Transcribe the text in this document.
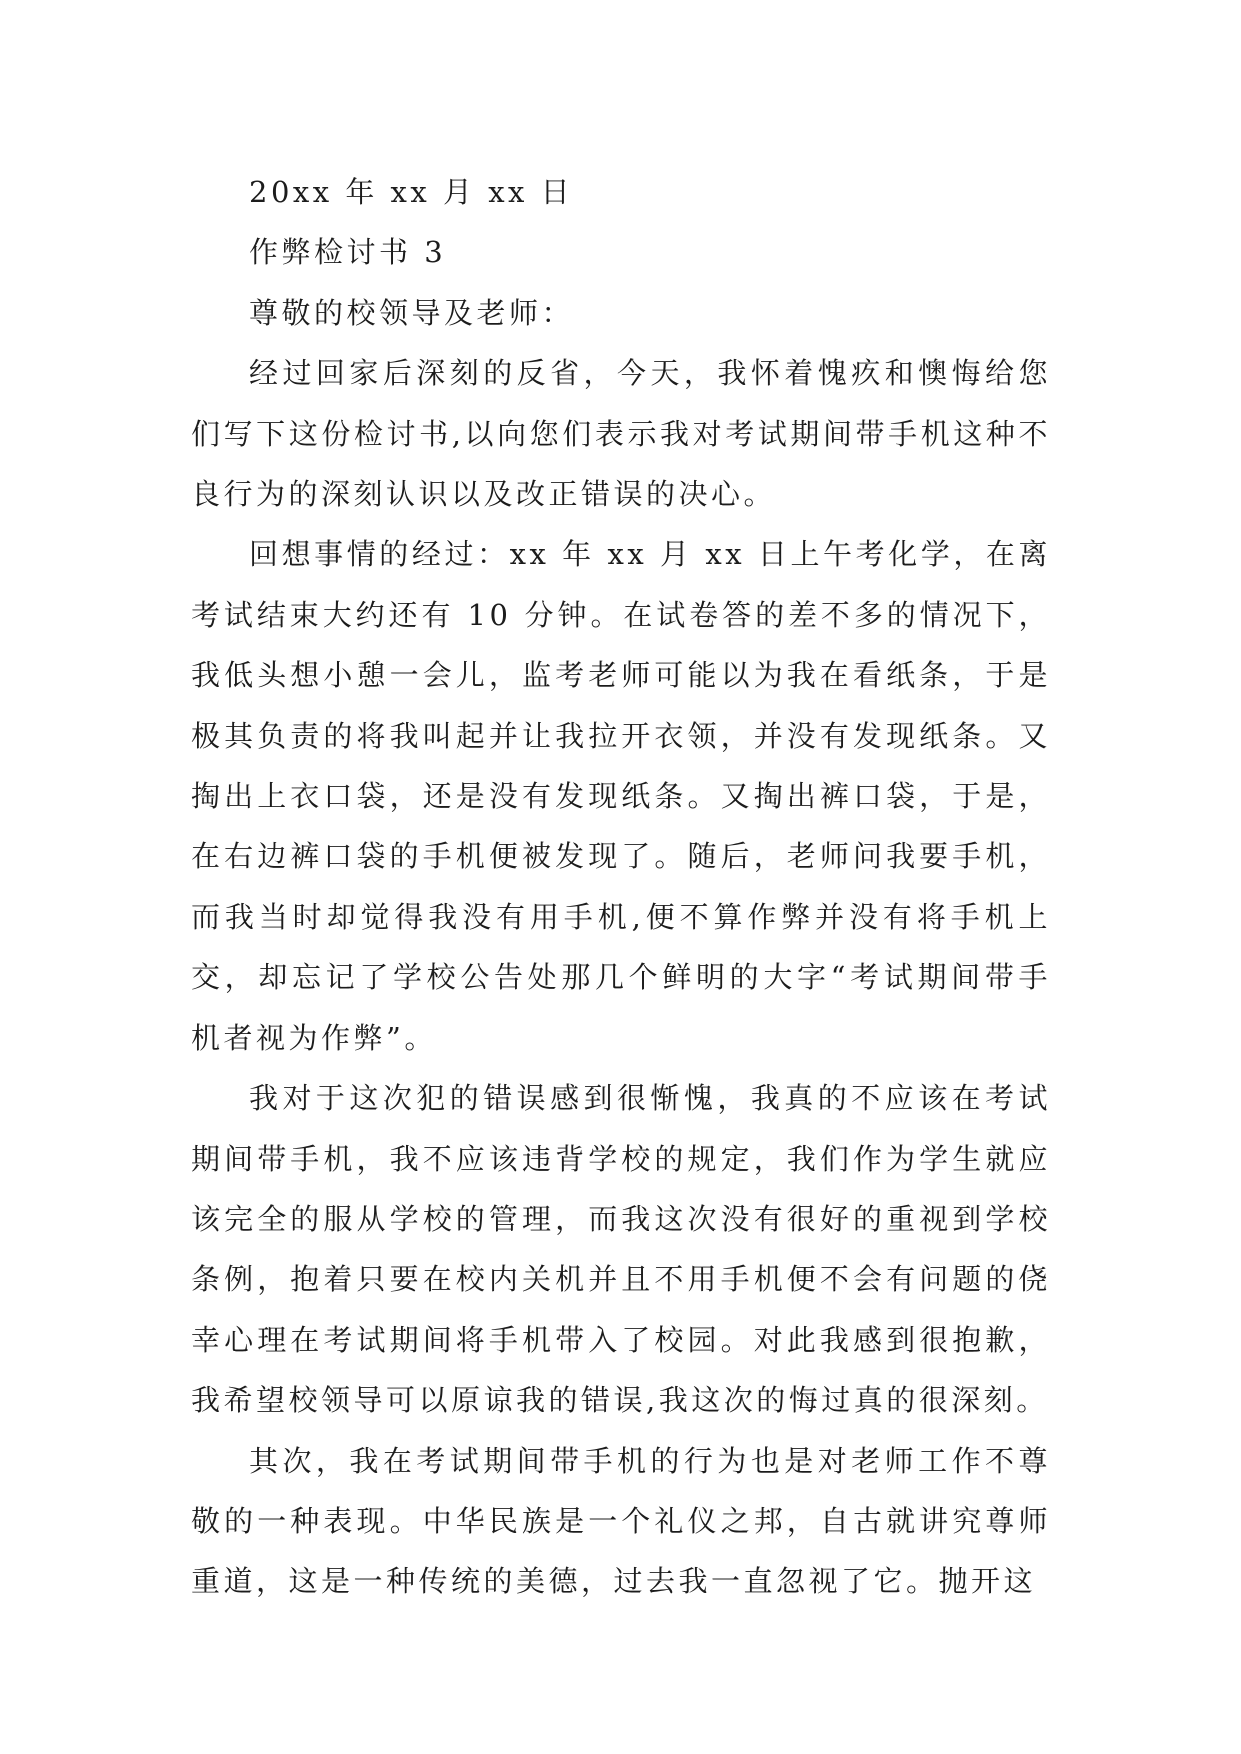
20xx 年 xx 月 xx 日

作弊检讨书 3

尊敬的校领导及老师：

经过回家后深刻的反省，今天，我怀着愧疚和懊悔给您们写下这份检讨书,以向您们表示我对考试期间带手机这种不良行为的深刻认识以及改正错误的决心。

回想事情的经过：xx 年 xx 月 xx 日上午考化学，在离考试结束大约还有 10 分钟。在试卷答的差不多的情况下，我低头想小憩一会儿，监考老师可能以为我在看纸条，于是极其负责的将我叫起并让我拉开衣领，并没有发现纸条。又掏出上衣口袋，还是没有发现纸条。又掏出裤口袋，于是，在右边裤口袋的手机便被发现了。随后，老师问我要手机，而我当时却觉得我没有用手机,便不算作弊并没有将手机上交，却忘记了学校公告处那几个鲜明的大字“考试期间带手机者视为作弊”。

我对于这次犯的错误感到很惭愧，我真的不应该在考试期间带手机，我不应该违背学校的规定，我们作为学生就应该完全的服从学校的管理，而我这次没有很好的重视到学校条例，抱着只要在校内关机并且不用手机便不会有问题的侥幸心理在考试期间将手机带入了校园。对此我感到很抱歉，我希望校领导可以原谅我的错误,我这次的悔过真的很深刻。

其次，我在考试期间带手机的行为也是对老师工作不尊敬的一种表现。中华民族是一个礼仪之邦，自古就讲究尊师重道，这是一种传统的美德，过去我一直忽视了它。抛开这
